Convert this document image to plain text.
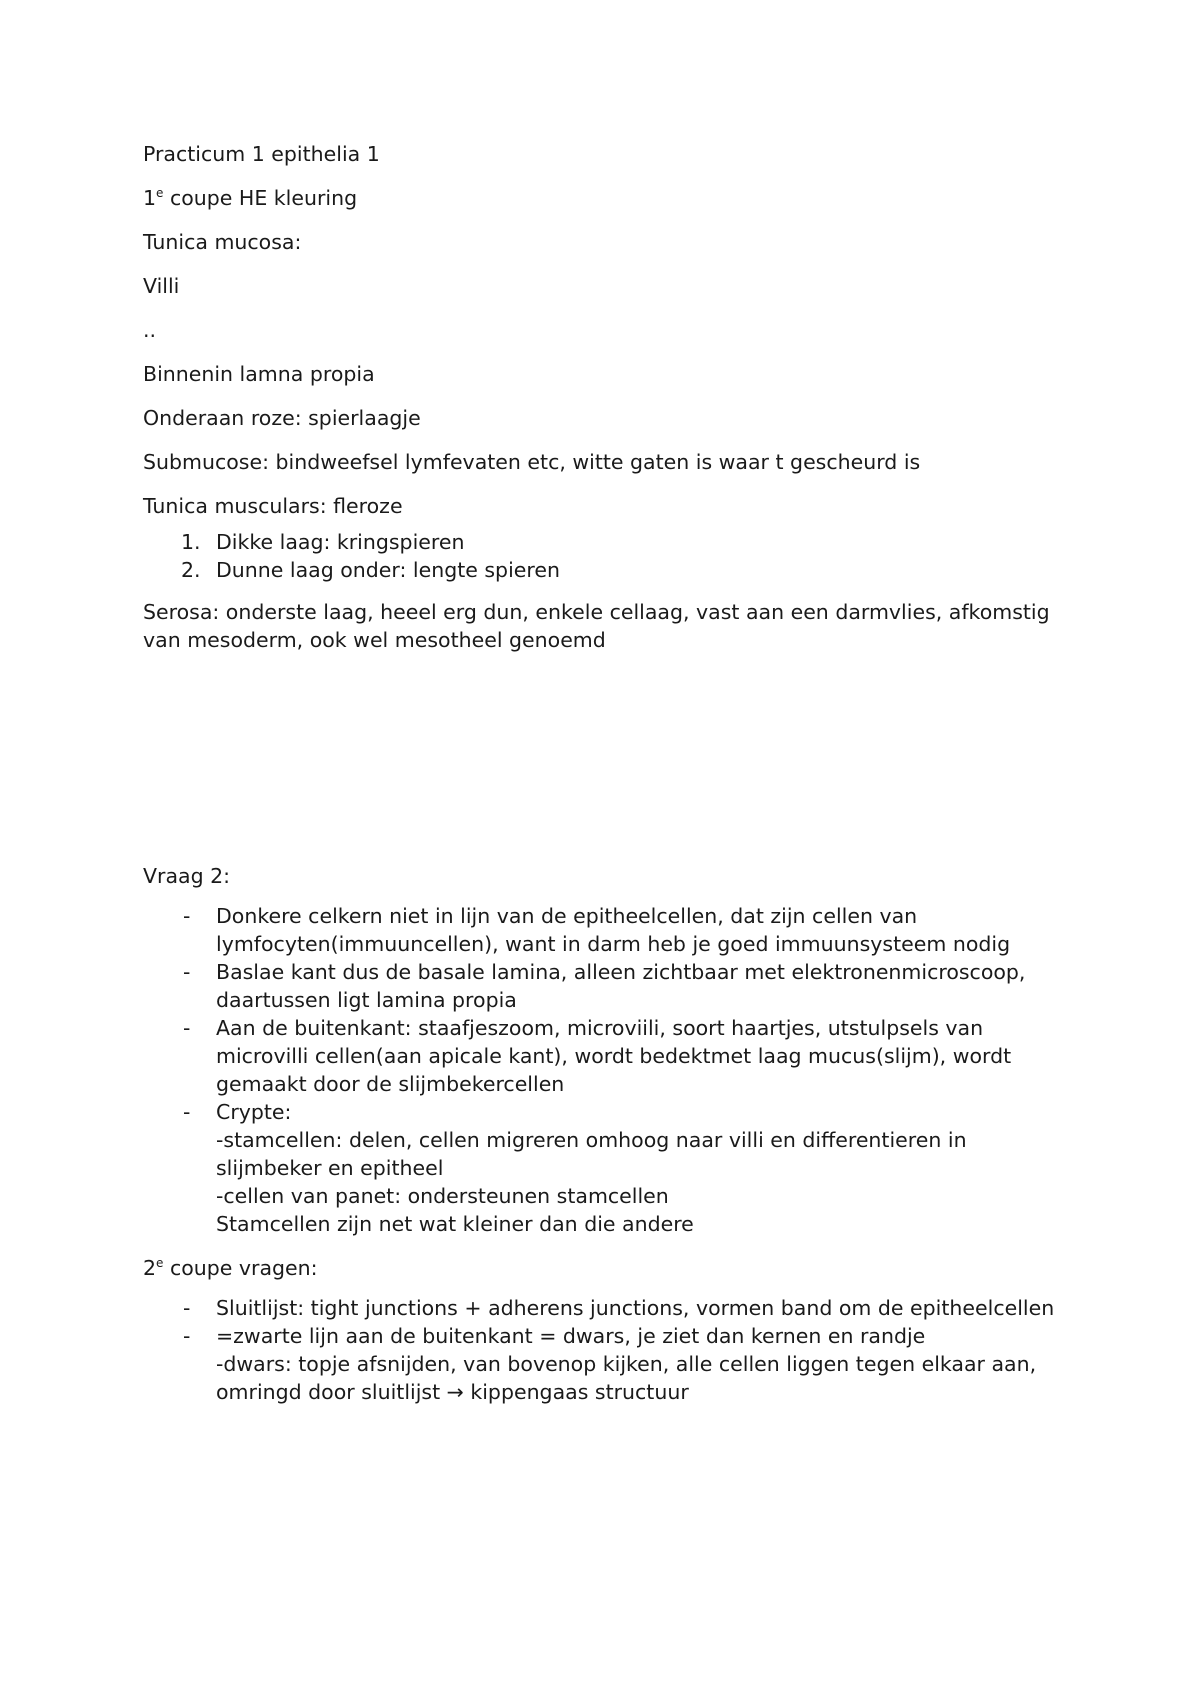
Practicum 1 epithelia 1

1e coupe HE kleuring

Tunica mucosa:

Villi

..

Binnenin lamna propia

Onderaan roze: spierlaagje

Submucose: bindweefsel lymfevaten etc, witte gaten is waar t gescheurd is

Tunica musculars: fleroze

1. Dikke laag: kringspieren
2. Dunne laag onder: lengte spieren

Serosa: onderste laag, heeel erg dun, enkele cellaag, vast aan een darmvlies, afkomstig van mesoderm, ook wel mesotheel genoemd

Vraag 2:

- Donkere celkern niet in lijn van de epitheelcellen, dat zijn cellen van lymfocyten(immuuncellen), want in darm heb je goed immuunsysteem nodig
- Baslae kant dus de basale lamina, alleen zichtbaar met elektronenmicroscoop, daartussen ligt lamina propia
- Aan de buitenkant: staafjeszoom, microviili, soort haartjes, utstulpsels van microvilli cellen(aan apicale kant), wordt bedektmet laag mucus(slijm), wordt gemaakt door de slijmbekercellen
- Crypte:
-stamcellen: delen, cellen migreren omhoog naar villi en differentieren in slijmbeker en epitheel
-cellen van panet: ondersteunen stamcellen
Stamcellen zijn net wat kleiner dan die andere

2e coupe vragen:

- Sluitlijst: tight junctions + adherens junctions, vormen band om de epitheelcellen
- =zwarte lijn aan de buitenkant = dwars, je ziet dan kernen en randje
-dwars: topje afsnijden, van bovenop kijken, alle cellen liggen tegen elkaar aan, omringd door sluitlijst → kippengaas structuur
